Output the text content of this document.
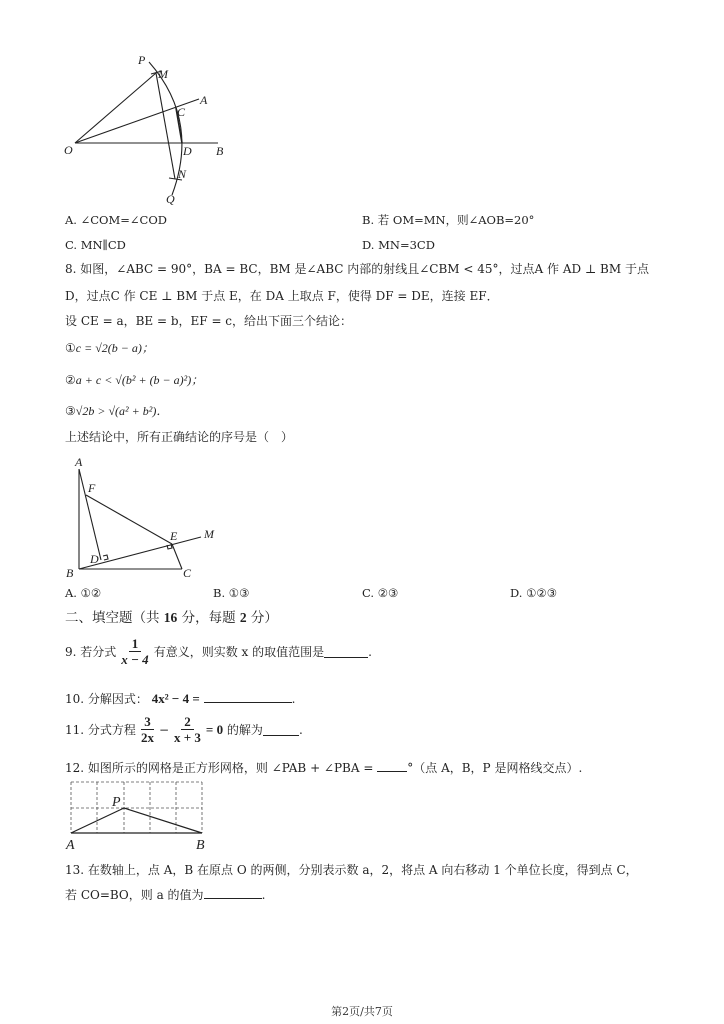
P
M
A
C
O	D B
N
Q
A. ∠COM=∠COD	B. 若 OM=MN，则∠AOB=20°
C. MN∥CD	D. MN=3CD
8. 如图，∠ABC = 90°，BA = BC，BM 是∠ABC 内部的射线且∠CBM < 45°，过点A 作 AD ⊥ BM 于点
D，过点C 作 CE ⊥ BM 于点 E，在 DA 上取点 F，使得 DF = DE，连接 EF．
设 CE = a，BE = b，EF = c，给出下面三个结论：
①c = √2(b − a)；
②a + c < √(b² + (b − a)²)；
③√2b > √(a² + b²)．
上述结论中，所有正确结论的序号是（　）
A
F
E M
D
B	C
A. ①②	B. ①③	C. ②③	D. ①②③
二、填空题（共 16 分，每题 2 分）
9.
若分式 $\frac{1}{x - 4}$ 有意义，则实数 x 的取值范围是	.
10. 分解因式： 4x² − 4 =	.
11.
分式方程 $\frac{3}{2x} - \frac{2}{x + 3} = 0$
的解为	.
12. 如图所示的网格是正方形网格，则 ∠PAB + ∠PBA =	°（点 A，B，P 是网格线交点）.
P
A	B
13. 在数轴上，点 A，B 在原点 O 的两侧，分别表示数 a，2，将点 A 向右移动 1 个单位长度，得到点 C，
若 CO=BO，则 a 的值为	.
第2页/共7页
